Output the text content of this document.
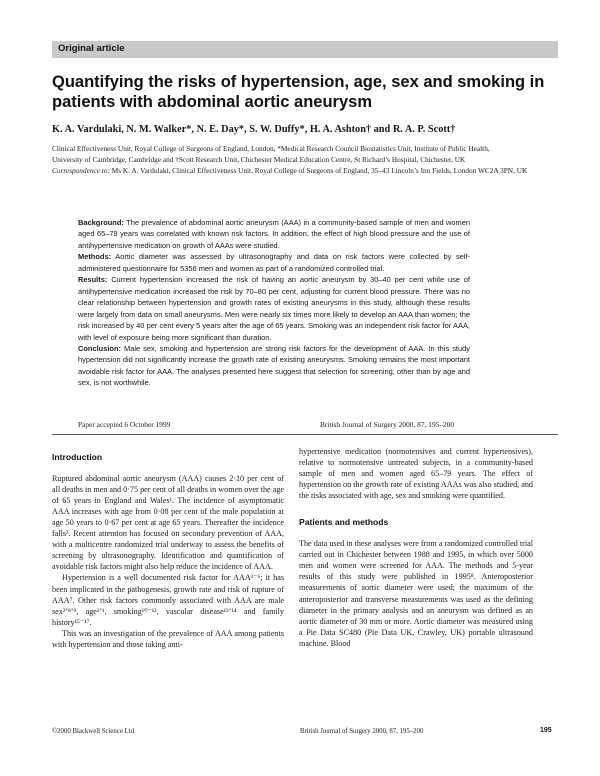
Original article
Quantifying the risks of hypertension, age, sex and smoking in patients with abdominal aortic aneurysm
K. A. Vardulaki, N. M. Walker*, N. E. Day*, S. W. Duffy*, H. A. Ashton† and R. A. P. Scott†
Clinical Effectiveness Unit, Royal College of Surgeons of England, London, *Medical Research Council Biostatistics Unit, Institute of Public Health,
University of Cambridge, Cambridge and †Scott Research Unit, Chichester Medical Education Centre, St Richard’s Hospital, Chichester, UK
Correspondence to: Ms K. A. Vardulaki, Clinical Effectiveness Unit, Royal College of Surgeons of England, 35–43 Lincoln’s Inn Fields, London WC2A 3PN, UK

Background: The prevalence of abdominal aortic aneurysm (AAA) in a community-based sample of men and women aged 65–79 years was correlated with known risk factors. In addition, the effect of high blood pressure and the use of antihypertensive medication on growth of AAAs were studied.

Methods: Aortic diameter was assessed by ultrasonography and data on risk factors were collected by self-administered questionnaire for 5356 men and women as part of a randomized controlled trial.

Results: Current hypertension increased the risk of having an aortic aneurysm by 30–40 per cent while use of antihypertensive medication increased the risk by 70–80 per cent, adjusting for current blood pressure. There was no clear relationship between hypertension and growth rates of existing aneurysms in this study, although these results were largely from data on small aneurysms. Men were nearly six times more likely to develop an AAA than women; the risk increased by 40 per cent every 5 years after the age of 65 years. Smoking was an independent risk factor for AAA, with level of exposure being more significant than duration.

Conclusion: Male sex, smoking and hypertension are strong risk factors for the development of AAA. In this study hypertension did not significantly increase the growth rate of existing aneurysms. Smoking remains the most important avoidable risk factor for AAA. The analyses presented here suggest that selection for screening, other than by age and sex, is not worthwhile.

Paper accepted 6 October 1999	British Journal of Surgery 2000, 87, 195–200
Introduction

Ruptured abdominal aortic aneurysm (AAA) causes 2·10 per cent of all deaths in men and 0·75 per cent of all deaths in women over the age of 65 years in England and Wales¹. The incidence of asymptomatic AAA increases with age from 0·08 per cent of the male population at age 50 years to 0·67 per cent at age 65 years. Thereafter the incidence falls². Recent attention has focused on secondary prevention of AAA, with a multicentre randomized trial underway to assess the benefits of screening by ultrasonography. Identification and quantification of avoidable risk factors might also help reduce the incidence of AAA.

Hypertension is a well documented risk factor for AAA³⁻⁶; it has been implicated in the pathogenesis, growth rate and risk of rupture of AAA⁷. Other risk factors commonly associated with AAA are male sex²ʼ⁸ʼ⁹, age¹ʼ¹, smoking¹⁰⁻¹², vascular disease¹³ʼ¹⁴ and family history¹⁵⁻¹⁷.

This was an investigation of the prevalence of AAA among patients with hypertension and those taking anti-

hypertensive medication (normotensives and current hypertensives), relative to normotensive untreated subjects, in a community-based sample of men and women aged 65–79 years. The effect of hypertension on the growth rate of existing AAAs was also studied, and the risks associated with age, sex and smoking were quantified.

Patients and methods

The data used in these analyses were from a randomized controlled trial carried out in Chichester between 1988 and 1995, in which over 5000 men and women were screened for AAA. The methods and 5-year results of this study were published in 1995⁸. Anteroposterior measurements of aortic diameter were used; the maximum of the anteroposterior and transverse measurements was used as the defining diameter in the primary analysis and an aneurysm was defined as an aortic diameter of 30 mm or more. Aortic diameter was measured using a Pie Data SC480 (Pie Data UK, Crawley, UK) portable ultrasound machine. Blood

©2000 Blackwell Science Ltd	British Journal of Surgery 2000, 87, 195–200	195
